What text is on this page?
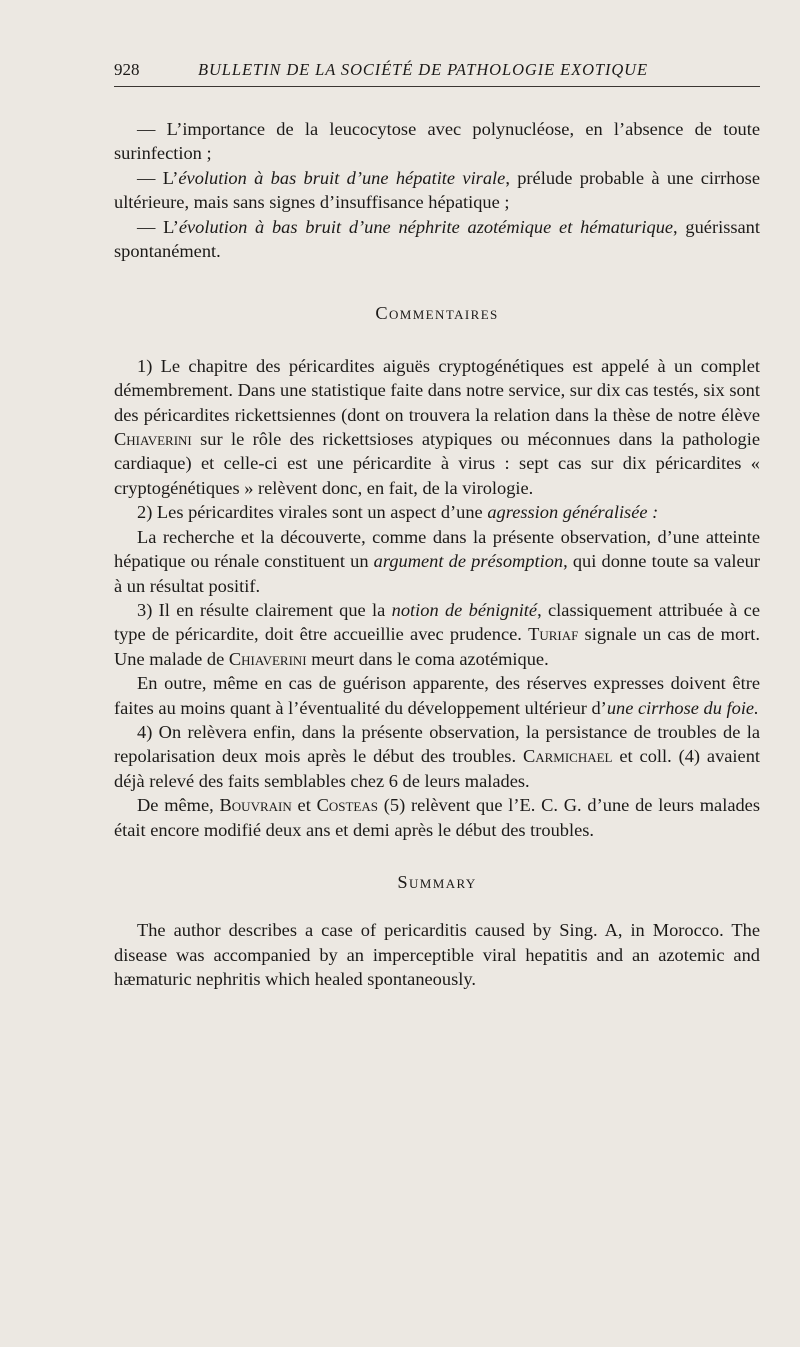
928	BULLETIN DE LA SOCIÉTÉ DE PATHOLOGIE EXOTIQUE

— L’importance de la leucocytose avec polynucléose, en l’absence de toute surinfection ;

— L’évolution à bas bruit d’une hépatite virale, prélude probable à une cirrhose ultérieure, mais sans signes d’insuffisance hépatique ;

— L’évolution à bas bruit d’une néphrite azotémique et hématurique, guérissant spontanément.

Commentaires

1) Le chapitre des péricardites aiguës cryptogénétiques est appelé à un complet démembrement. Dans une statistique faite dans notre service, sur dix cas testés, six sont des péricardites rickettsiennes (dont on trouvera la relation dans la thèse de notre élève Chiaverini sur le rôle des rickettsioses atypiques ou méconnues dans la pathologie cardiaque) et celle-ci est une péricardite à virus : sept cas sur dix péricardites « cryptogénétiques » relèvent donc, en fait, de la virologie.

2) Les péricardites virales sont un aspect d’une agression généralisée :

La recherche et la découverte, comme dans la présente observation, d’une atteinte hépatique ou rénale constituent un argument de présomption, qui donne toute sa valeur à un résultat positif.

3) Il en résulte clairement que la notion de bénignité, classiquement attribuée à ce type de péricardite, doit être accueillie avec prudence. Turiaf signale un cas de mort. Une malade de Chiaverini meurt dans le coma azotémique.

En outre, même en cas de guérison apparente, des réserves expresses doivent être faites au moins quant à l’éventualité du développement ultérieur d’une cirrhose du foie.

4) On relèvera enfin, dans la présente observation, la persistance de troubles de la repolarisation deux mois après le début des troubles. Carmichael et coll. (4) avaient déjà relevé des faits semblables chez 6 de leurs malades.

De même, Bouvrain et Costeas (5) relèvent que l’E. C. G. d’une de leurs malades était encore modifié deux ans et demi après le début des troubles.

Summary

The author describes a case of pericarditis caused by Sing. A, in Morocco. The disease was accompanied by an imperceptible viral hepatitis and an azotemic and hæmaturic nephritis which healed spontaneously.
